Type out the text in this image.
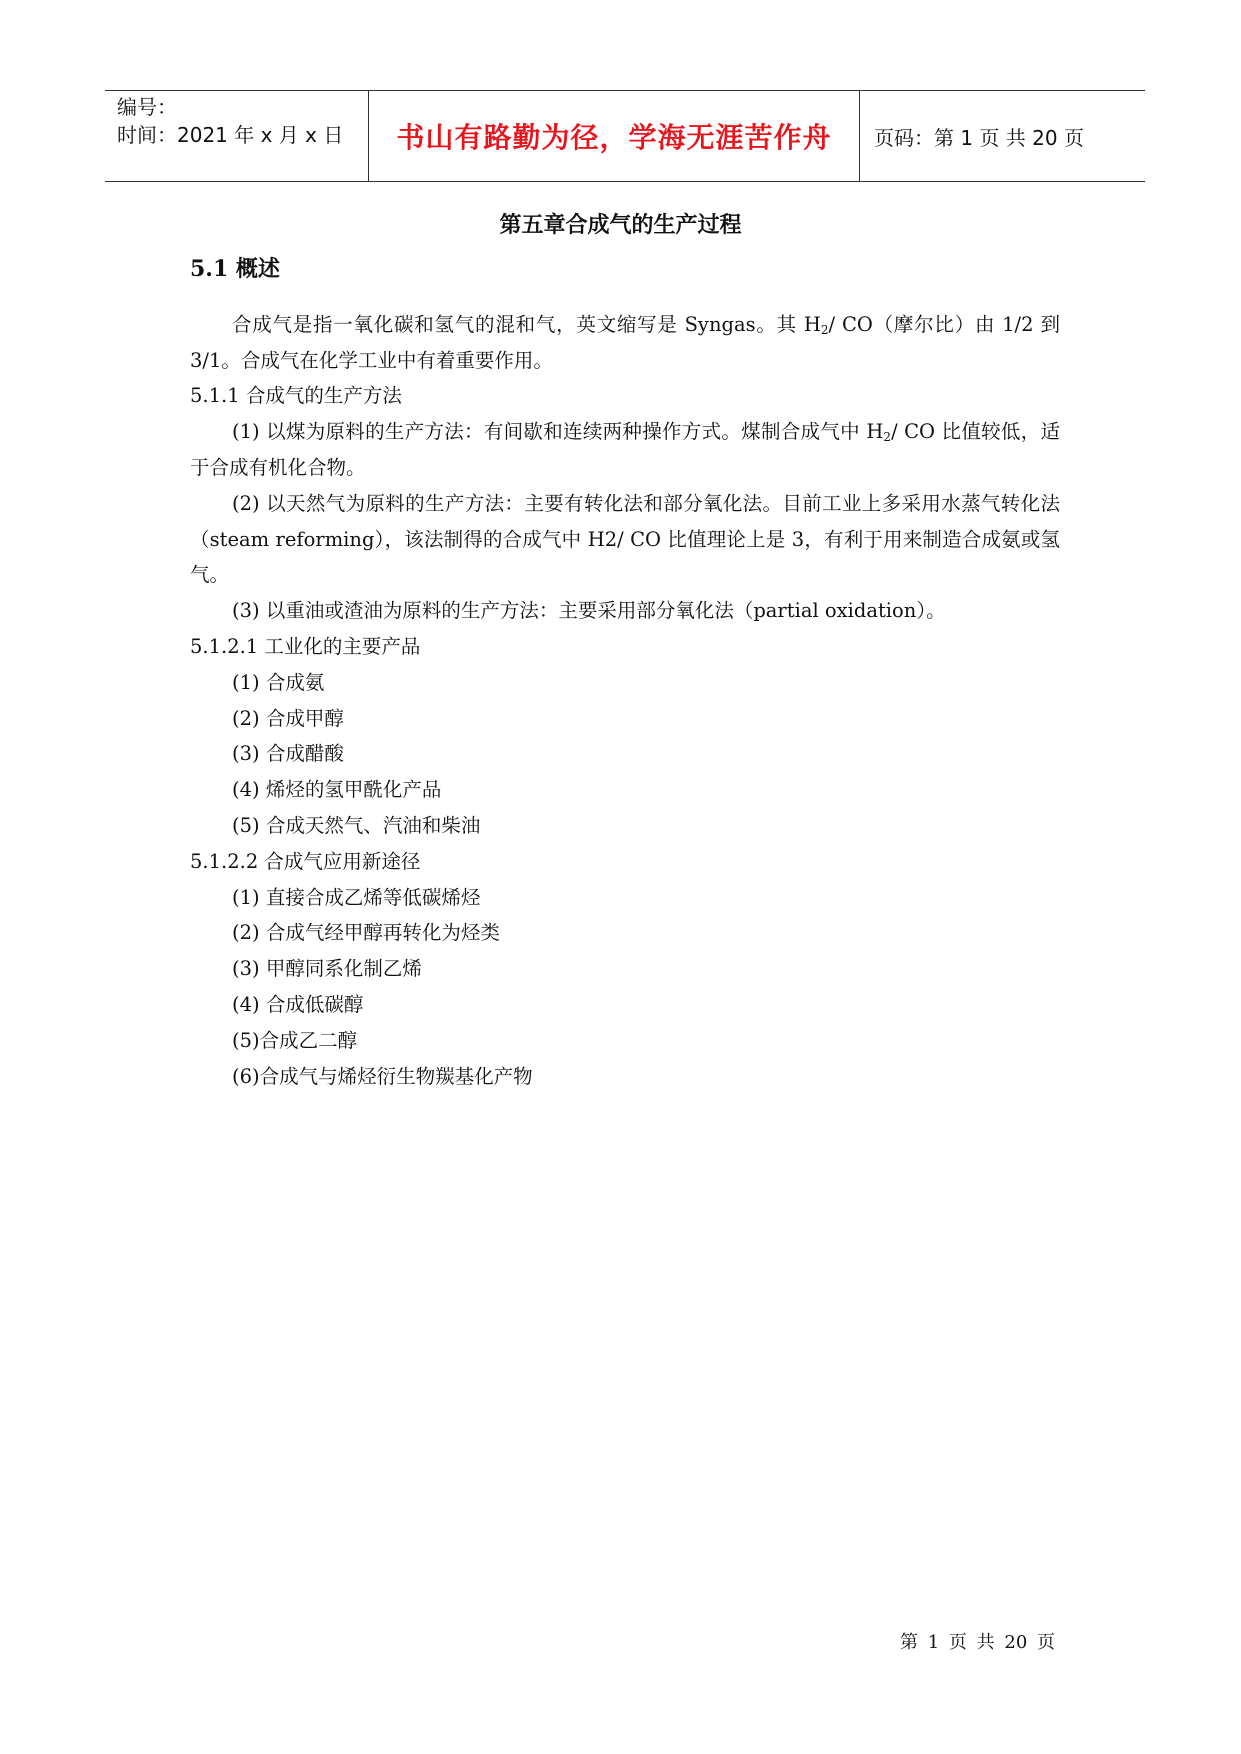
编号：
时间：2021 年 x 月 x 日	书山有路勤为径，学海无涯苦作舟	页码：第 1 页 共 20 页
第五章合成气的生产过程
5.1 概述

合成气是指一氧化碳和氢气的混和气，英文缩写是 Syngas。其 $H_2/$ CO（摩尔比）由 1/2 到 3/1。合成气在化学工业中有着重要作用。

5.1.1 合成气的生产方法

(1) 以煤为原料的生产方法：有间歇和连续两种操作方式。煤制合成气中 $H_2/$ CO 比值较低，适于合成有机化合物。

(2) 以天然气为原料的生产方法：主要有转化法和部分氧化法。目前工业上多采用水蒸气转化法（steam reforming），该法制得的合成气中 H2/ CO 比值理论上是 3，有利于用来制造合成氨或氢气。

(3) 以重油或渣油为原料的生产方法：主要采用部分氧化法（partial oxidation）。

5.1.2.1 工业化的主要产品

(1) 合成氨

(2) 合成甲醇

(3) 合成醋酸

(4) 烯烃的氢甲酰化产品

(5) 合成天然气、汽油和柴油

5.1.2.2 合成气应用新途径

(1) 直接合成乙烯等低碳烯烃

(2) 合成气经甲醇再转化为烃类

(3) 甲醇同系化制乙烯

(4) 合成低碳醇

(5)合成乙二醇

(6)合成气与烯烃衍生物羰基化产物

第 1 页 共 20 页
